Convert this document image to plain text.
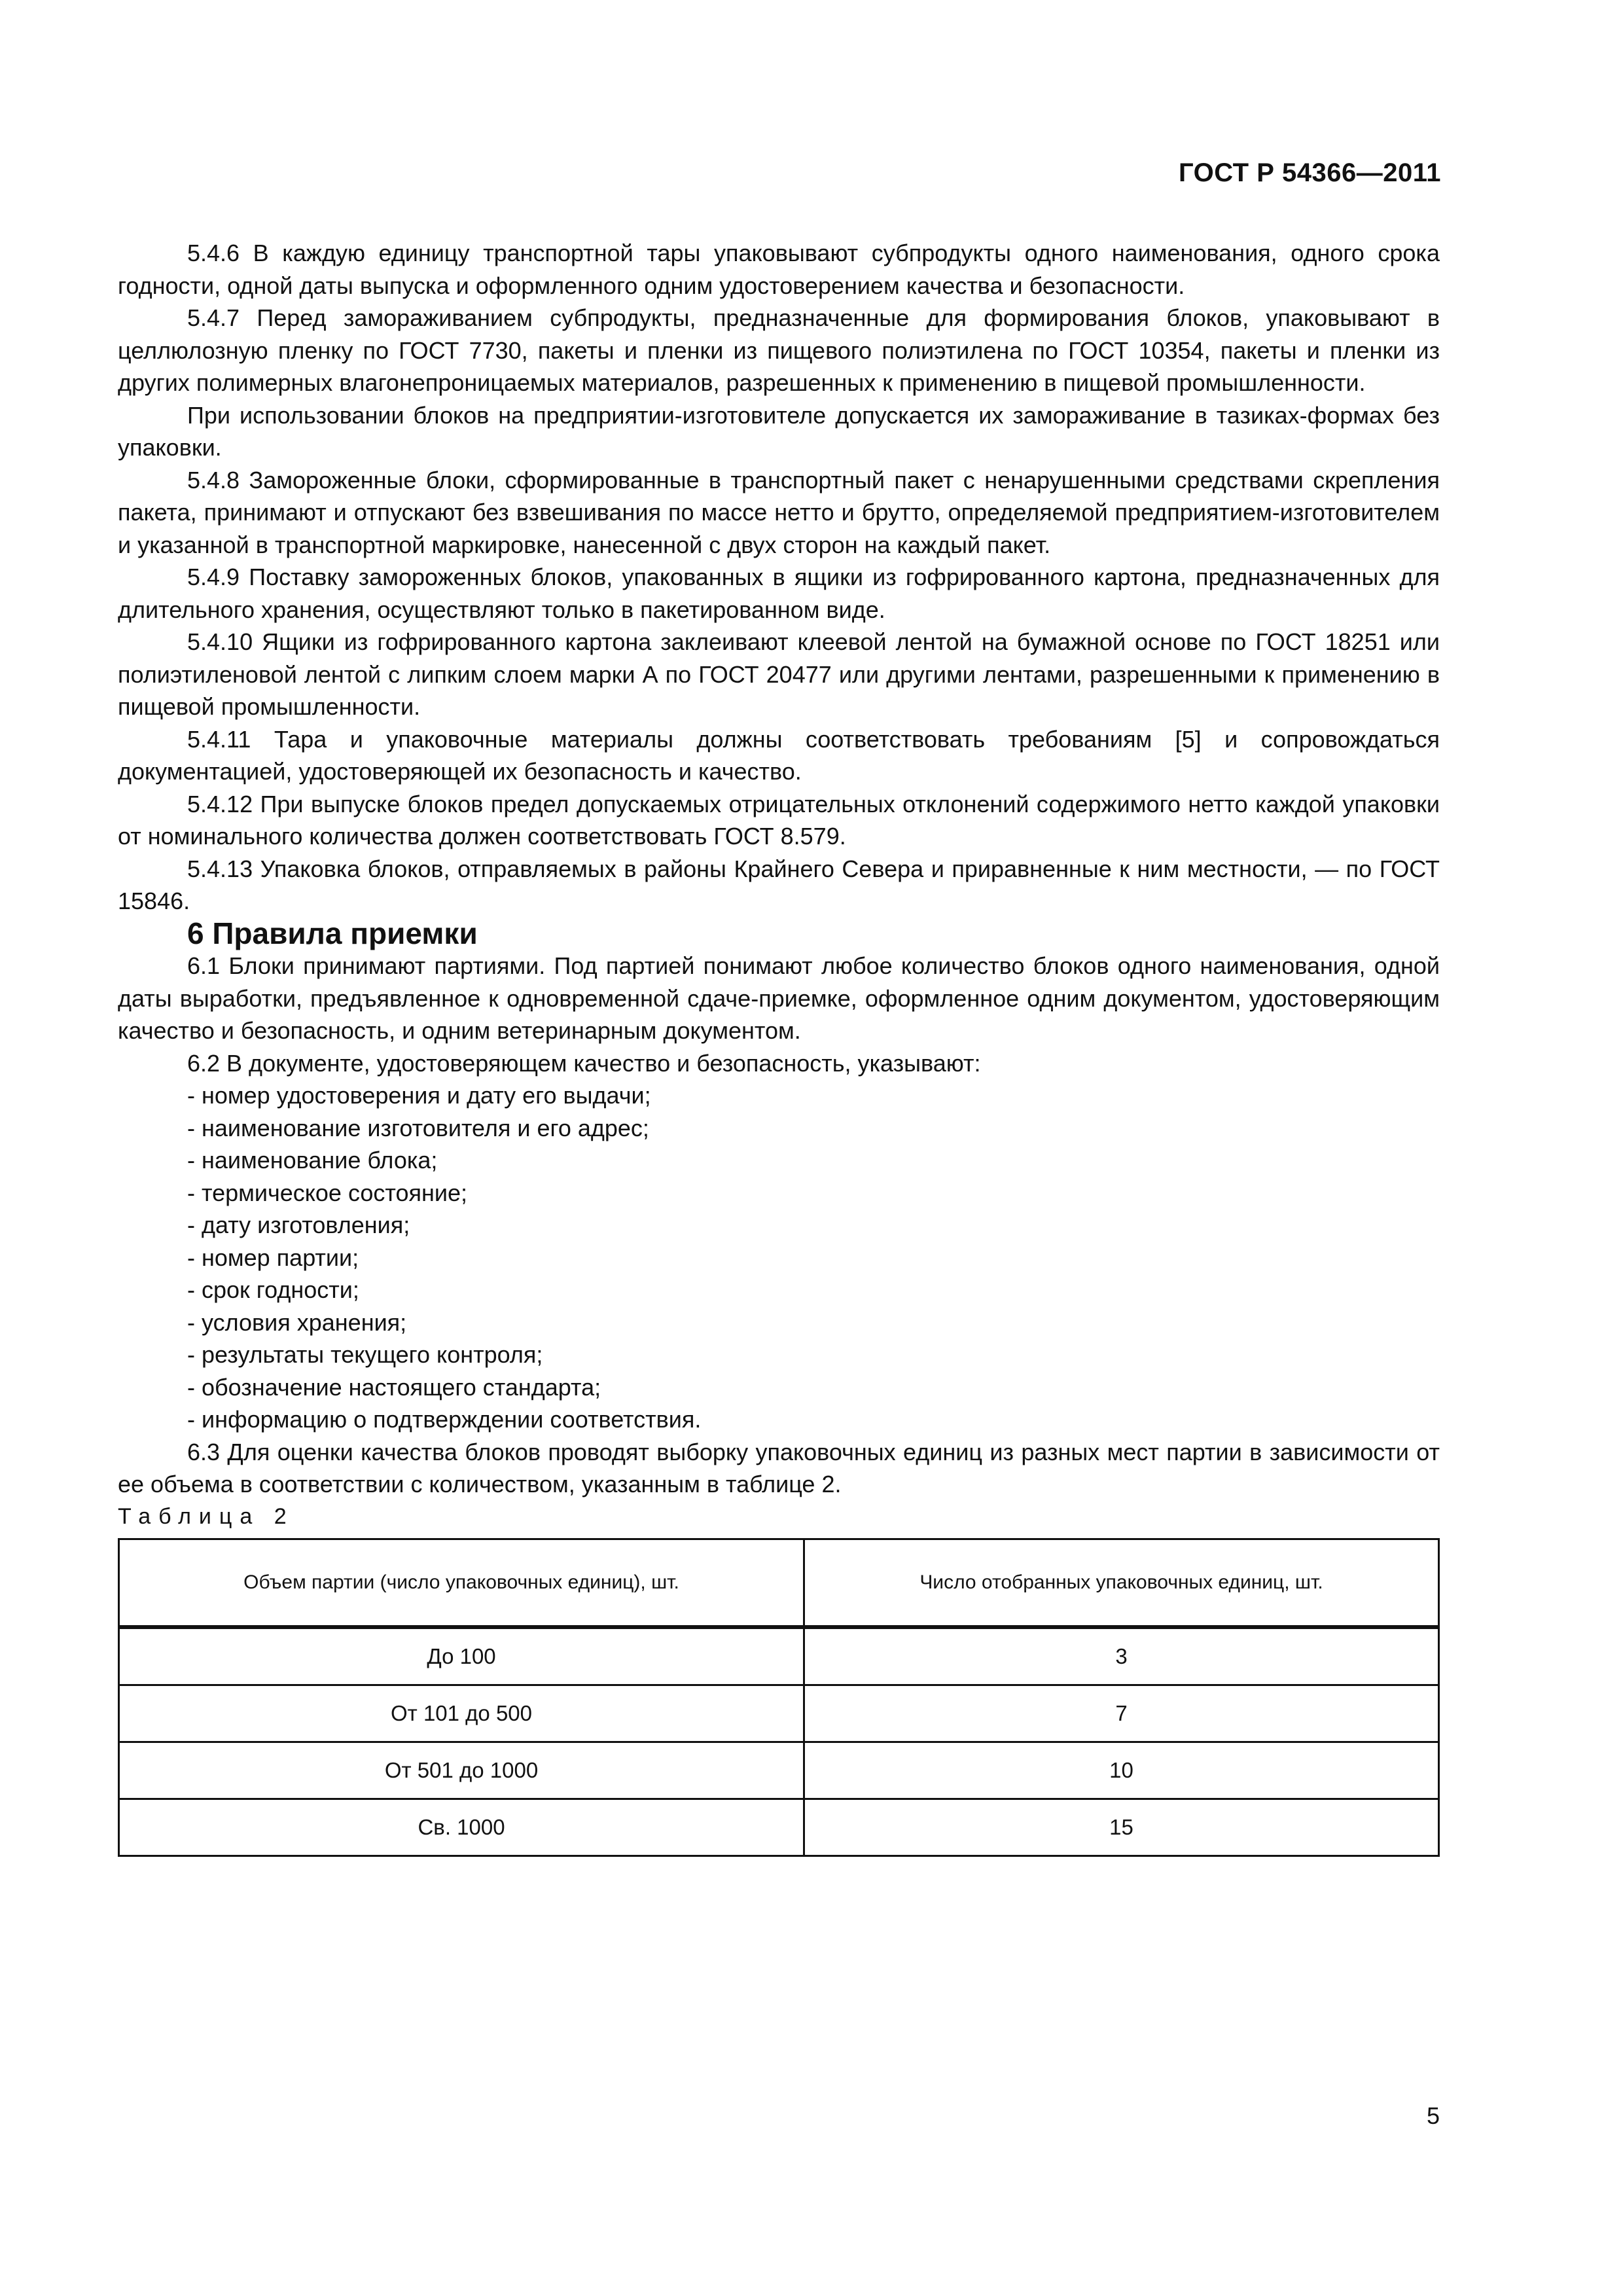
ГОСТ Р 54366—2011

5.4.6 В каждую единицу транспортной тары упаковывают субпродукты одного наименования, одного срока годности, одной даты выпуска и оформленного одним удостоверением качества и безопасности.

5.4.7 Перед замораживанием субпродукты, предназначенные для формирования блоков, упаковывают в целлюлозную пленку по ГОСТ 7730, пакеты и пленки из пищевого полиэтилена по ГОСТ 10354, пакеты и пленки из других полимерных влагонепроницаемых материалов, разрешенных к применению в пищевой промышленности.

При использовании блоков на предприятии-изготовителе допускается их замораживание в тазиках-формах без упаковки.

5.4.8 Замороженные блоки, сформированные в транспортный пакет с ненарушенными средствами скрепления пакета, принимают и отпускают без взвешивания по массе нетто и брутто, определяемой предприятием-изготовителем и указанной в транспортной маркировке, нанесенной с двух сторон на каждый пакет.

5.4.9 Поставку замороженных блоков, упакованных в ящики из гофрированного картона, предназначенных для длительного хранения, осуществляют только в пакетированном виде.

5.4.10 Ящики из гофрированного картона заклеивают клеевой лентой на бумажной основе по ГОСТ 18251 или полиэтиленовой лентой с липким слоем марки А по ГОСТ 20477 или другими лентами, разрешенными к применению в пищевой промышленности.

5.4.11 Тара и упаковочные материалы должны соответствовать требованиям [5] и сопровождаться документацией, удостоверяющей их безопасность и качество.

5.4.12 При выпуске блоков предел допускаемых отрицательных отклонений содержимого нетто каждой упаковки от номинального количества должен соответствовать ГОСТ 8.579.

5.4.13 Упаковка блоков, отправляемых в районы Крайнего Севера и приравненные к ним местности, — по ГОСТ 15846.

6 Правила приемки

6.1 Блоки принимают партиями. Под партией понимают любое количество блоков одного наименования, одной даты выработки, предъявленное к одновременной сдаче-приемке, оформленное одним документом, удостоверяющим качество и безопасность, и одним ветеринарным документом.

6.2 В документе, удостоверяющем качество и безопасность, указывают:

- номер удостоверения и дату его выдачи;
- наименование изготовителя и его адрес;
- наименование блока;
- термическое состояние;
- дату изготовления;
- номер партии;
- срок годности;
- условия хранения;
- результаты текущего контроля;
- обозначение настоящего стандарта;
- информацию о подтверждении соответствия.

6.3 Для оценки качества блоков проводят выборку упаковочных единиц из разных мест партии в зависимости от ее объема в соответствии с количеством, указанным в таблице 2.

Таблица 2

Объем партии (число упаковочных единиц), шт.	Число отобранных упаковочных единиц, шт.
До 100	3
От 101 до 500	7
От 501 до 1000	10
Св. 1000	15
5
